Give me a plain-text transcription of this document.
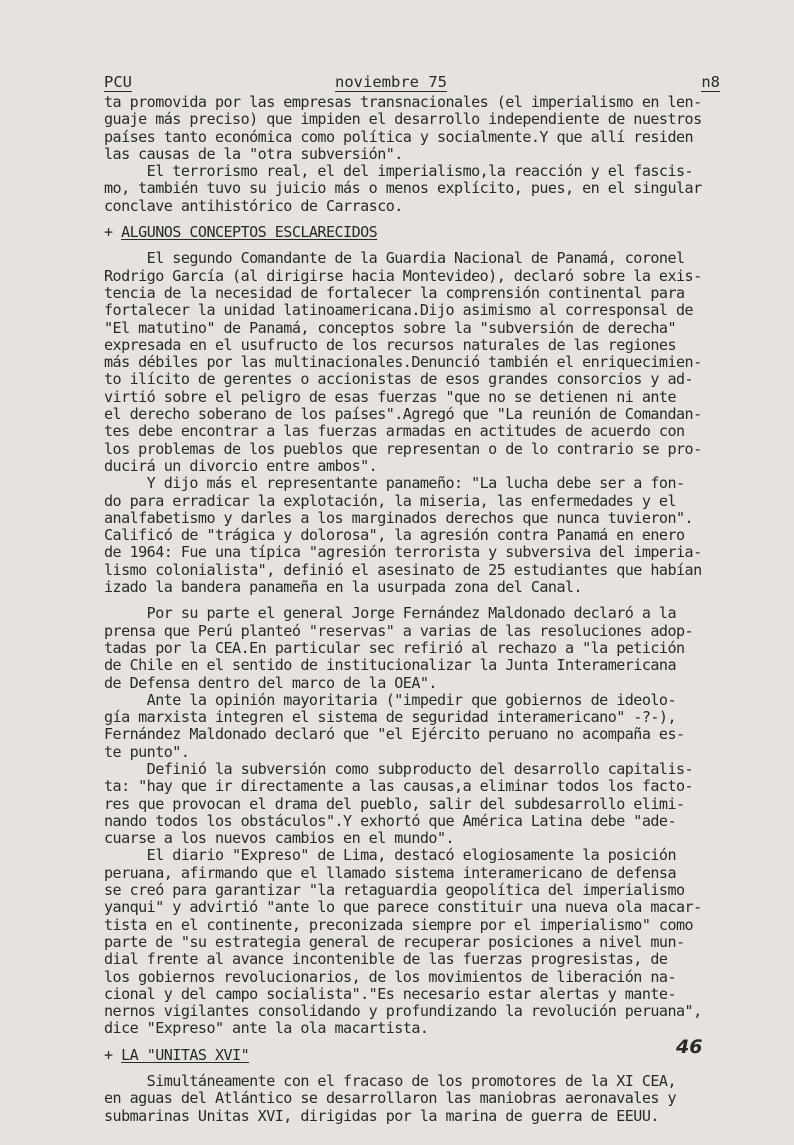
PCU

	noviembre 75

	n8

ta promovida por las empresas transnacionales (el imperialismo en len-
guaje más preciso) que impiden el desarrollo independiente de nuestros
países tanto económica como política y socialmente.Y que allí residen
las causas de la "otra subversión".
El terrorismo real, el del imperialismo,la reacción y el fascis-
mo, también tuvo su juicio más o menos explícito, pues, en el singular
conclave antihistórico de Carrasco.
+ ALGUNOS CONCEPTOS ESCLARECIDOS
El segundo Comandante de la Guardia Nacional de Panamá, coronel
Rodrigo García (al dirigirse hacia Montevideo), declaró sobre la exis-
tencia de la necesidad de fortalecer la comprensión continental para
fortalecer la unidad latinoamericana.Dijo asimismo al corresponsal de
"El matutino" de Panamá, conceptos sobre la "subversión de derecha"
expresada en el usufructo de los recursos naturales de las regiones
más débiles por las multinacionales.Denunció también el enriquecimien-
to ilícito de gerentes o accionistas de esos grandes consorcios y ad-
virtió sobre el peligro de esas fuerzas "que no se detienen ni ante
el derecho soberano de los países".Agregó que "La reunión de Comandan-
tes debe encontrar a las fuerzas armadas en actitudes de acuerdo con
los problemas de los pueblos que representan o de lo contrario se pro-
ducirá un divorcio entre ambos".
Y dijo más el representante panameño: "La lucha debe ser a fon-
do para erradicar la explotación, la miseria, las enfermedades y el
analfabetismo y darles a los marginados derechos que nunca tuvieron".
Calificó de "trágica y dolorosa", la agresión contra Panamá en enero
de 1964: Fue una típica "agresión terrorista y subversiva del imperia-
lismo colonialista", definió el asesinato de 25 estudiantes que habían
izado la bandera panameña en la usurpada zona del Canal.
Por su parte el general Jorge Fernández Maldonado declaró a la
prensa que Perú planteó "reservas" a varias de las resoluciones adop-
tadas por la CEA.En particular sec refirió al rechazo a "la petición
de Chile en el sentido de institucionalizar la Junta Interamericana
de Defensa dentro del marco de la OEA".
Ante la opinión mayoritaria ("impedir que gobiernos de ideolo-
gía marxista integren el sistema de seguridad interamericano" -?-),
Fernández Maldonado declaró que "el Ejército peruano no acompaña es-
te punto".
Definió la subversión como subproducto del desarrollo capitalis-
ta: "hay que ir directamente a las causas,a eliminar todos los facto-
res que provocan el drama del pueblo, salir del subdesarrollo elimi-
nando todos los obstáculos".Y exhortó que América Latina debe "ade-
cuarse a los nuevos cambios en el mundo".
El diario "Expreso" de Lima, destacó elogiosamente la posición
peruana, afirmando que el llamado sistema interamericano de defensa
se creó para garantizar "la retaguardia geopolítica del imperialismo
yanqui" y advirtió "ante lo que parece constituir una nueva ola macar-
tista en el continente, preconizada siempre por el imperialismo" como
parte de "su estrategia general de recuperar posiciones a nivel mun-
dial frente al avance incontenible de las fuerzas progresistas, de
los gobiernos revolucionarios, de los movimientos de liberación na-
cional y del campo socialista"."Es necesario estar alertas y mante-
nernos vigilantes consolidando y profundizando la revolución peruana",
dice "Expreso" ante la ola macartista.
+ LA "UNITAS XVI"
Simultáneamente con el fracaso de los promotores de la XI CEA,
en aguas del Atlántico se desarrollaron las maniobras aeronavales y
submarinas Unitas XVI, dirigidas por la marina de guerra de EEUU.
46
